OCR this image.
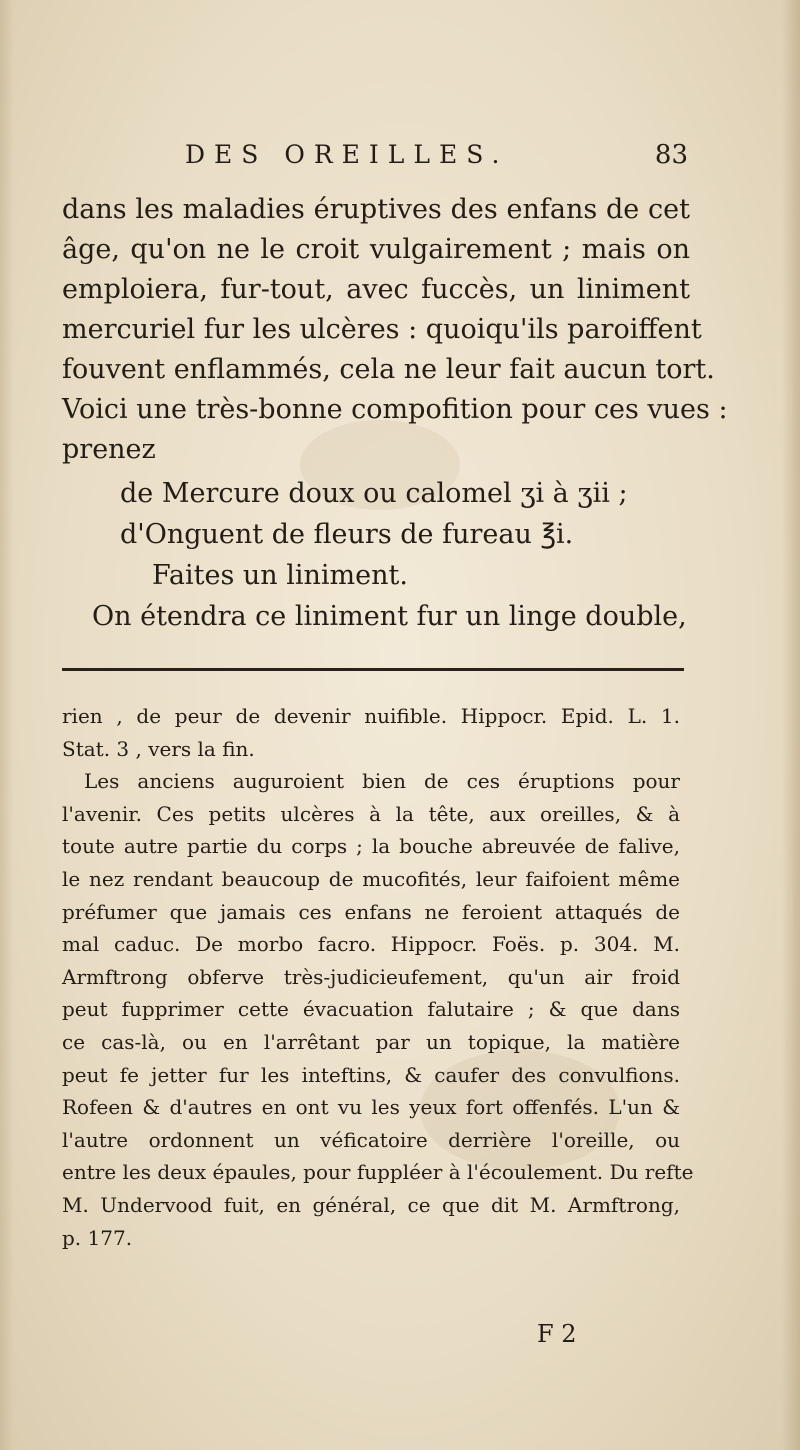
DES OREILLES.	83
dans les maladies éruptives des enfans de cet
âge, qu'on ne le croit vulgairement ; mais on
emploiera, fur-tout, avec fuccès, un liniment
mercuriel fur les ulcères : quoiqu'ils paroiffent
fouvent enflammés, cela ne leur fait aucun tort.
Voici une très-bonne compofition pour ces vues :
prenez
de Mercure doux ou calomel ʒi à ʒii ;
d'Onguent de fleurs de fureau ℥i.
Faites un liniment.
On étendra ce liniment fur un linge double,
rien , de peur de devenir nuifible. Hippocr. Epid. L. 1.
Stat. 3 , vers la fin.
Les anciens auguroient bien de ces éruptions pour
l'avenir. Ces petits ulcères à la tête, aux oreilles, & à
toute autre partie du corps ; la bouche abreuvée de falive,
le nez rendant beaucoup de mucofités, leur faifoient même
préfumer que jamais ces enfans ne feroient attaqués de
mal caduc. De morbo facro. Hippocr. Foës. p. 304. M.
Armftrong obferve très-judicieufement, qu'un air froid
peut fupprimer cette évacuation falutaire ; & que dans
ce cas-là, ou en l'arrêtant par un topique, la matière
peut fe jetter fur les inteftins, & caufer des convulfions.
Rofeen & d'autres en ont vu les yeux fort offenfés. L'un &
l'autre ordonnent un véficatoire derrière l'oreille, ou
entre les deux épaules, pour fuppléer à l'écoulement. Du refte
M. Undervood fuit, en général, ce que dit M. Armftrong,
p. 177.
F 2
